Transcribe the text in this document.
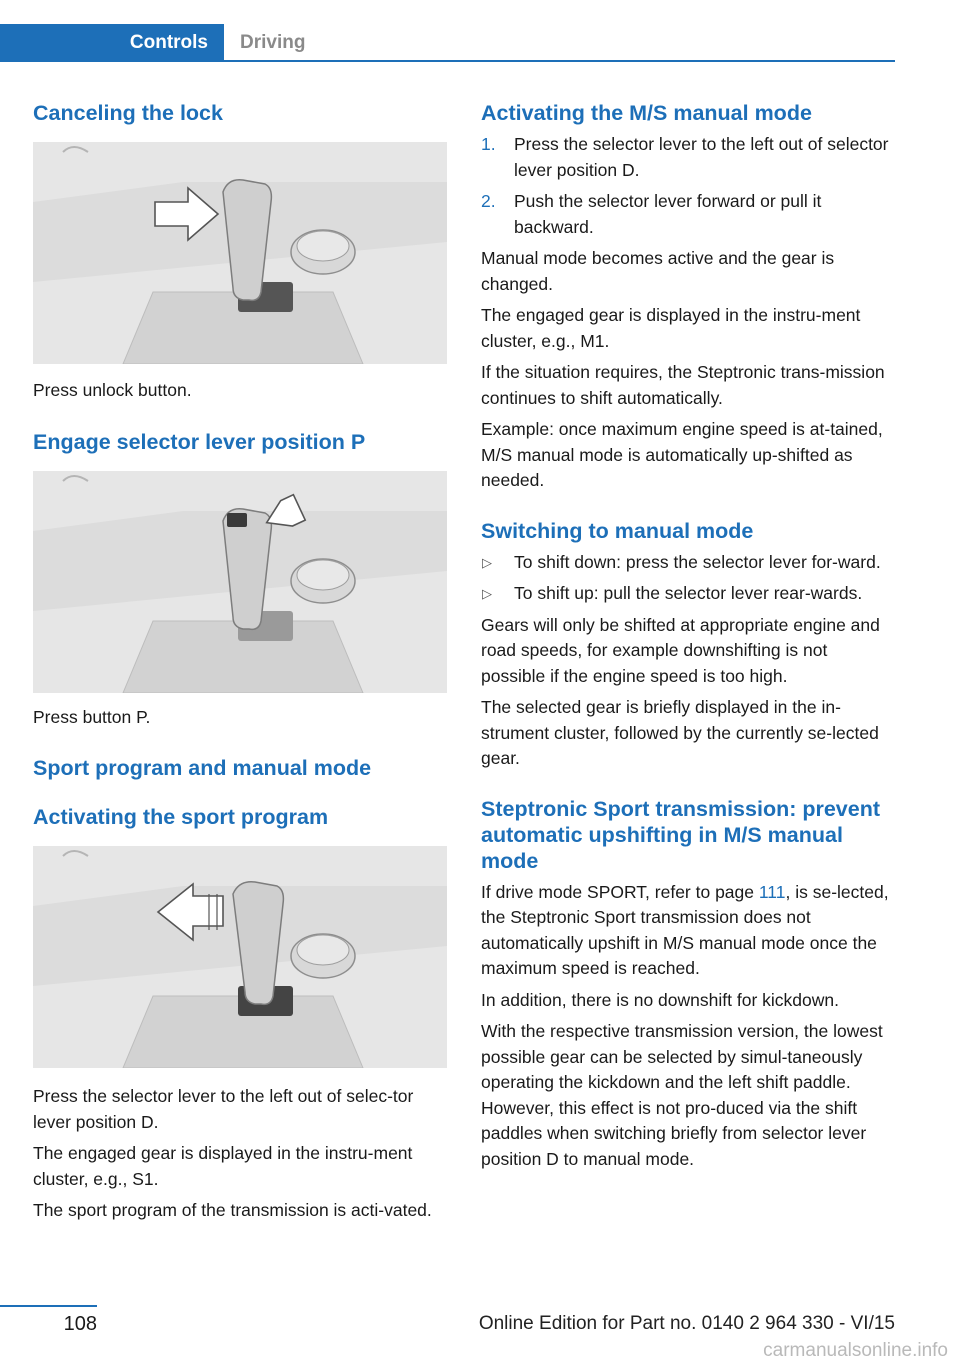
Controls	Driving
Canceling the lock

Press unlock button.

Engage selector lever position P

Press button P.

Sport program and manual mode
Activating the sport program

Press the selector lever to the left out of selec‐tor lever position D.

The engaged gear is displayed in the instru‐ment cluster, e.g., S1.

The sport program of the transmission is acti‐vated.

Activating the M/S manual mode
1. Press the selector lever to the left out of selector lever position D.
2. Push the selector lever forward or pull it backward.

Manual mode becomes active and the gear is changed.

The engaged gear is displayed in the instru‐ment cluster, e.g., M1.

If the situation requires, the Steptronic trans‐mission continues to shift automatically.

Example: once maximum engine speed is at‐tained, M/S manual mode is automatically up‐shifted as needed.

Switching to manual mode
▷ To shift down: press the selector lever for‐ward.
▷ To shift up: pull the selector lever rear‐wards.

Gears will only be shifted at appropriate engine and road speeds, for example downshifting is not possible if the engine speed is too high.

The selected gear is briefly displayed in the in‐strument cluster, followed by the currently se‐lected gear.

Steptronic Sport transmission: prevent automatic upshifting in M/S manual mode

If drive mode SPORT, refer to page 111, is se‐lected, the Steptronic Sport transmission does not automatically upshift in M/S manual mode once the maximum speed is reached.

In addition, there is no downshift for kickdown.

With the respective transmission version, the lowest possible gear can be selected by simul‐taneously operating the kickdown and the left shift paddle. However, this effect is not pro‐duced via the shift paddles when switching briefly from selector lever position D to manual mode.

108	Online Edition for Part no. 0140 2 964 330 - VI/15
carmanualsonline.info
